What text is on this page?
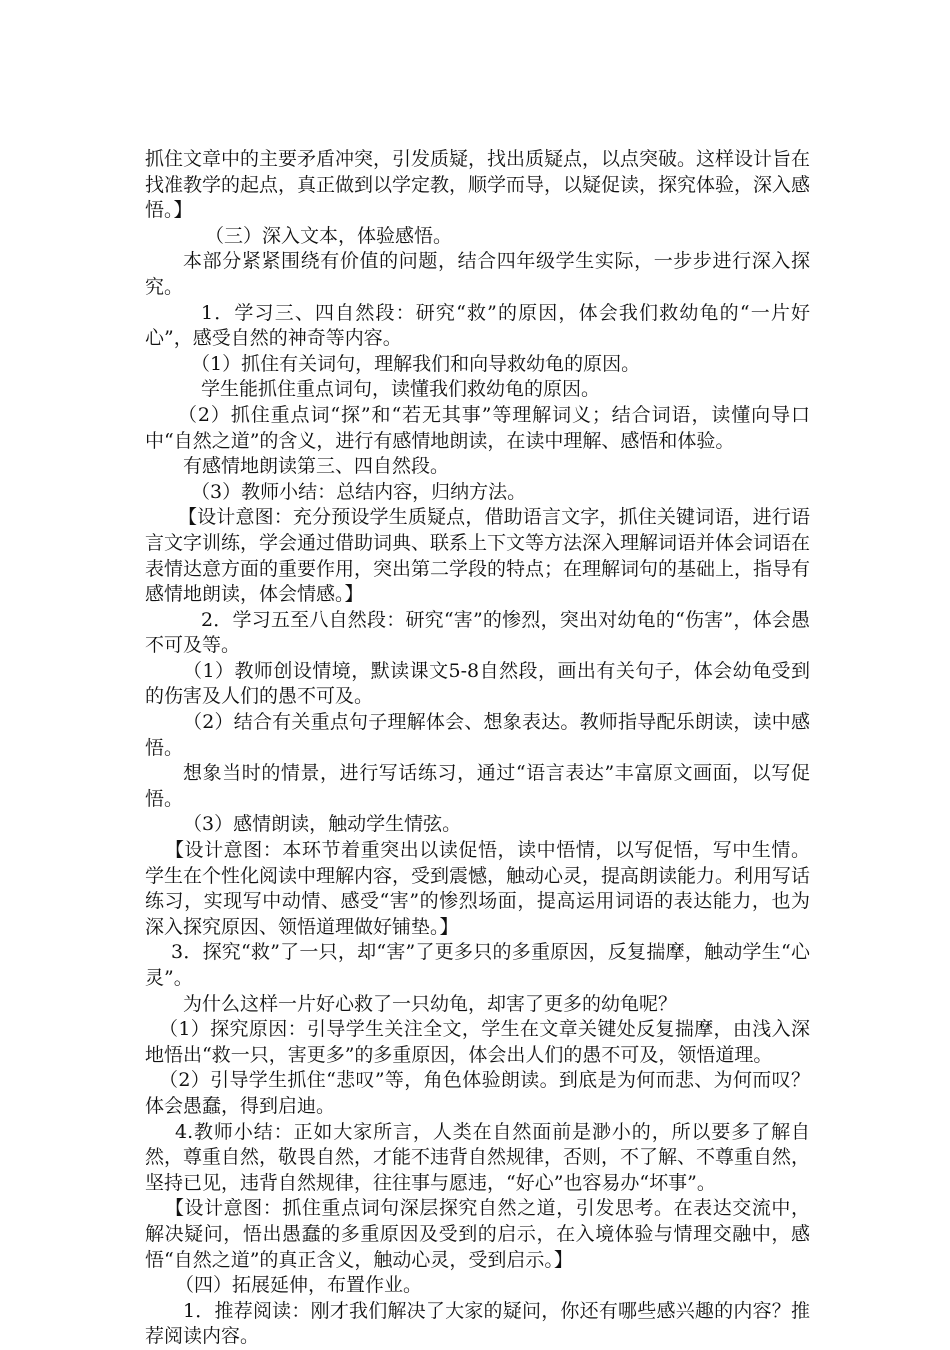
抓住文章中的主要矛盾冲突，引发质疑，找出质疑点，以点突破。这样设计旨在找准教学的起点，真正做到以学定教，顺学而导，以疑促读，探究体验，深入感悟。】

（三）深入文本，体验感悟。

本部分紧紧围绕有价值的问题，结合四年级学生实际，一步步进行深入探究。

1．学习三、四自然段：研究“救”的原因，体会我们救幼龟的“一片好心”，感受自然的神奇等内容。

（1）抓住有关词句，理解我们和向导救幼龟的原因。

学生能抓住重点词句，读懂我们救幼龟的原因。

（2）抓住重点词“探”和“若无其事”等理解词义；结合词语，读懂向导口中“自然之道”的含义，进行有感情地朗读，在读中理解、感悟和体验。

有感情地朗读第三、四自然段。

（3）教师小结：总结内容，归纳方法。

【设计意图：充分预设学生质疑点，借助语言文字，抓住关键词语，进行语言文字训练，学会通过借助词典、联系上下文等方法深入理解词语并体会词语在表情达意方面的重要作用，突出第二学段的特点；在理解词句的基础上，指导有感情地朗读，体会情感。】

2．学习五至八自然段：研究“害”的惨烈，突出对幼龟的“伤害”，体会愚不可及等。

（1）教师创设情境，默读课文5-8自然段，画出有关句子，体会幼龟受到的伤害及人们的愚不可及。

（2）结合有关重点句子理解体会、想象表达。教师指导配乐朗读，读中感悟。

想象当时的情景，进行写话练习，通过“语言表达”丰富原文画面，以写促悟。

（3）感情朗读，触动学生情弦。

【设计意图：本环节着重突出以读促悟，读中悟情，以写促悟，写中生情。学生在个性化阅读中理解内容，受到震憾，触动心灵，提高朗读能力。利用写话练习，实现写中动情、感受“害”的惨烈场面，提高运用词语的表达能力，也为深入探究原因、领悟道理做好铺垫。】

3．探究“救”了一只，却“害”了更多只的多重原因，反复揣摩，触动学生“心灵”。

为什么这样一片好心救了一只幼龟，却害了更多的幼龟呢？

（1）探究原因：引导学生关注全文，学生在文章关键处反复揣摩，由浅入深地悟出“救一只，害更多”的多重原因，体会出人们的愚不可及，领悟道理。

（2）引导学生抓住“悲叹”等，角色体验朗读。到底是为何而悲、为何而叹？体会愚蠢，得到启迪。

4.教师小结：正如大家所言，人类在自然面前是渺小的，所以要多了解自然，尊重自然，敬畏自然，才能不违背自然规律，否则，不了解、不尊重自然，坚持已见，违背自然规律，往往事与愿违，“好心”也容易办“坏事”。

【设计意图：抓住重点词句深层探究自然之道，引发思考。在表达交流中，解决疑问，悟出愚蠢的多重原因及受到的启示，在入境体验与情理交融中，感悟“自然之道”的真正含义，触动心灵，受到启示。】

（四）拓展延伸，布置作业。

1．推荐阅读：刚才我们解决了大家的疑问，你还有哪些感兴趣的内容？推荐阅读内容。
